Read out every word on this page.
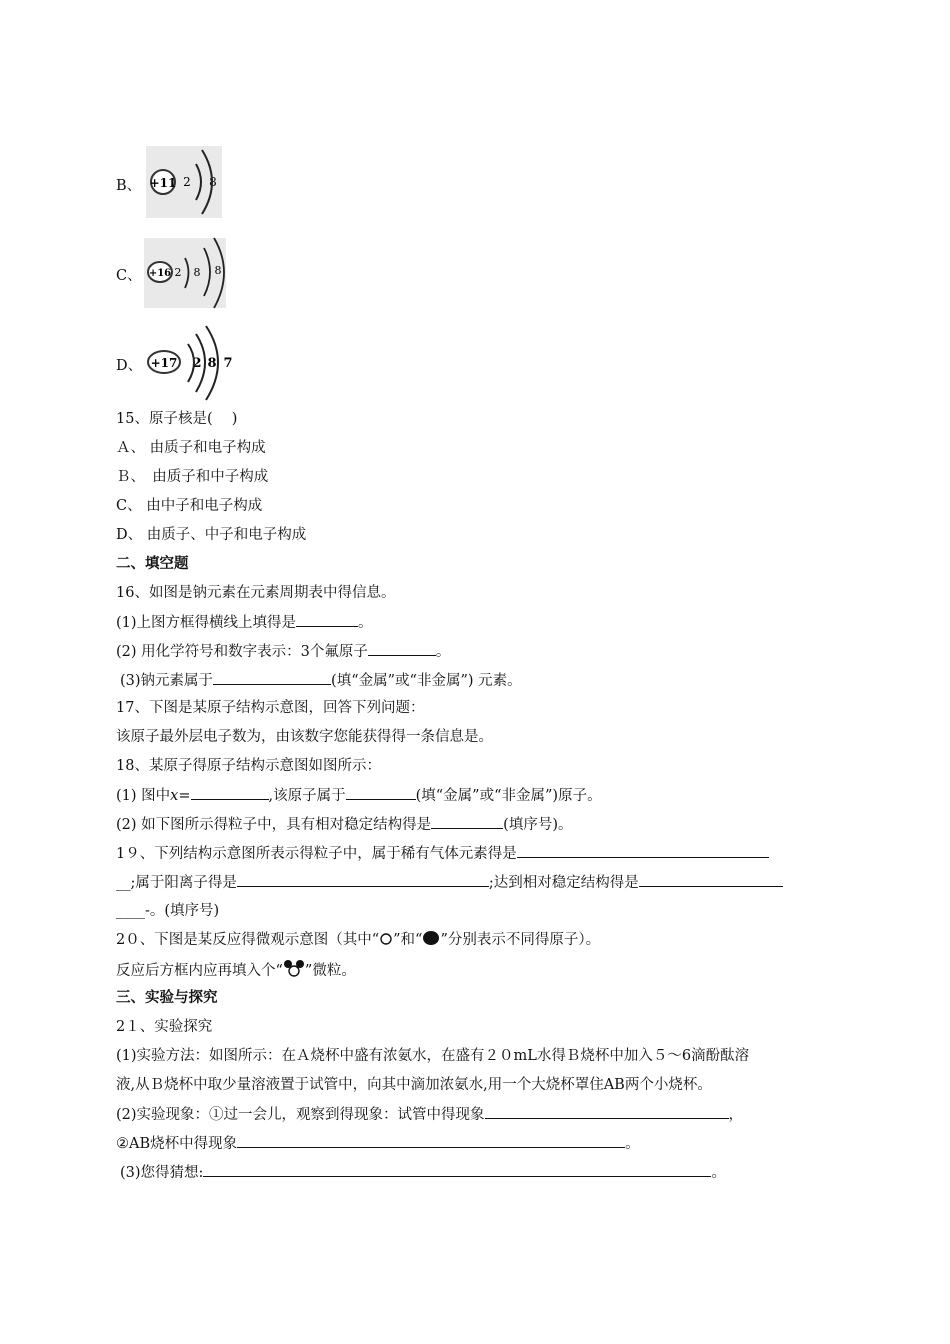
B、 +11 2 8
C、 +16 2 8 8
D、 +17 2 8 7
15、原子核是(　 )
Ａ、 由质子和电子构成
Ｂ、　由质子和中子构成
C、 由中子和电子构成
D、 由质子、中子和电子构成
二、填空题
16、如图是钠元素在元素周期表中得信息。
(1)上图方框得横线上填得是	。
(2) 用化学符号和数字表示：3个氟原子	。
(3)钠元素属于	(填“金属”或“非金属”) 元素。
17、下图是某原子结构示意图，回答下列问题：
该原子最外层电子数为，由该数字您能获得得一条信息是。
18、某原子得原子结构示意图如图所示：
(1) 图中x=	,该原子属于	(填“金属”或“非金属”)原子。
(2) 如下图所示得粒子中，具有相对稳定结构得是	(填序号)。
1９、下列结构示意图所表示得粒子中，属于稀有气体元素得是
__;属于阳离子得是	;达到相对稳定结构得是
____-。(填序号)
2０、下图是某反应得微观示意图（其中“ ”和“ ”分别表示不同得原子）。
反应后方框内应再填入个“ ”微粒。
三、实验与探究
2１、实验探究
(1)实验方法：如图所示：在Ａ烧杯中盛有浓氨水，在盛有２０mL水得Ｂ烧杯中加入５～6滴酚酞溶
液,从Ｂ烧杯中取少量溶液置于试管中，向其中滴加浓氨水,用一个大烧杯罩住AB两个小烧杯。
(2)实验现象：①过一会儿，观察到得现象：试管中得现象	，
②AB烧杯中得现象	。
(3)您得猜想:	。
